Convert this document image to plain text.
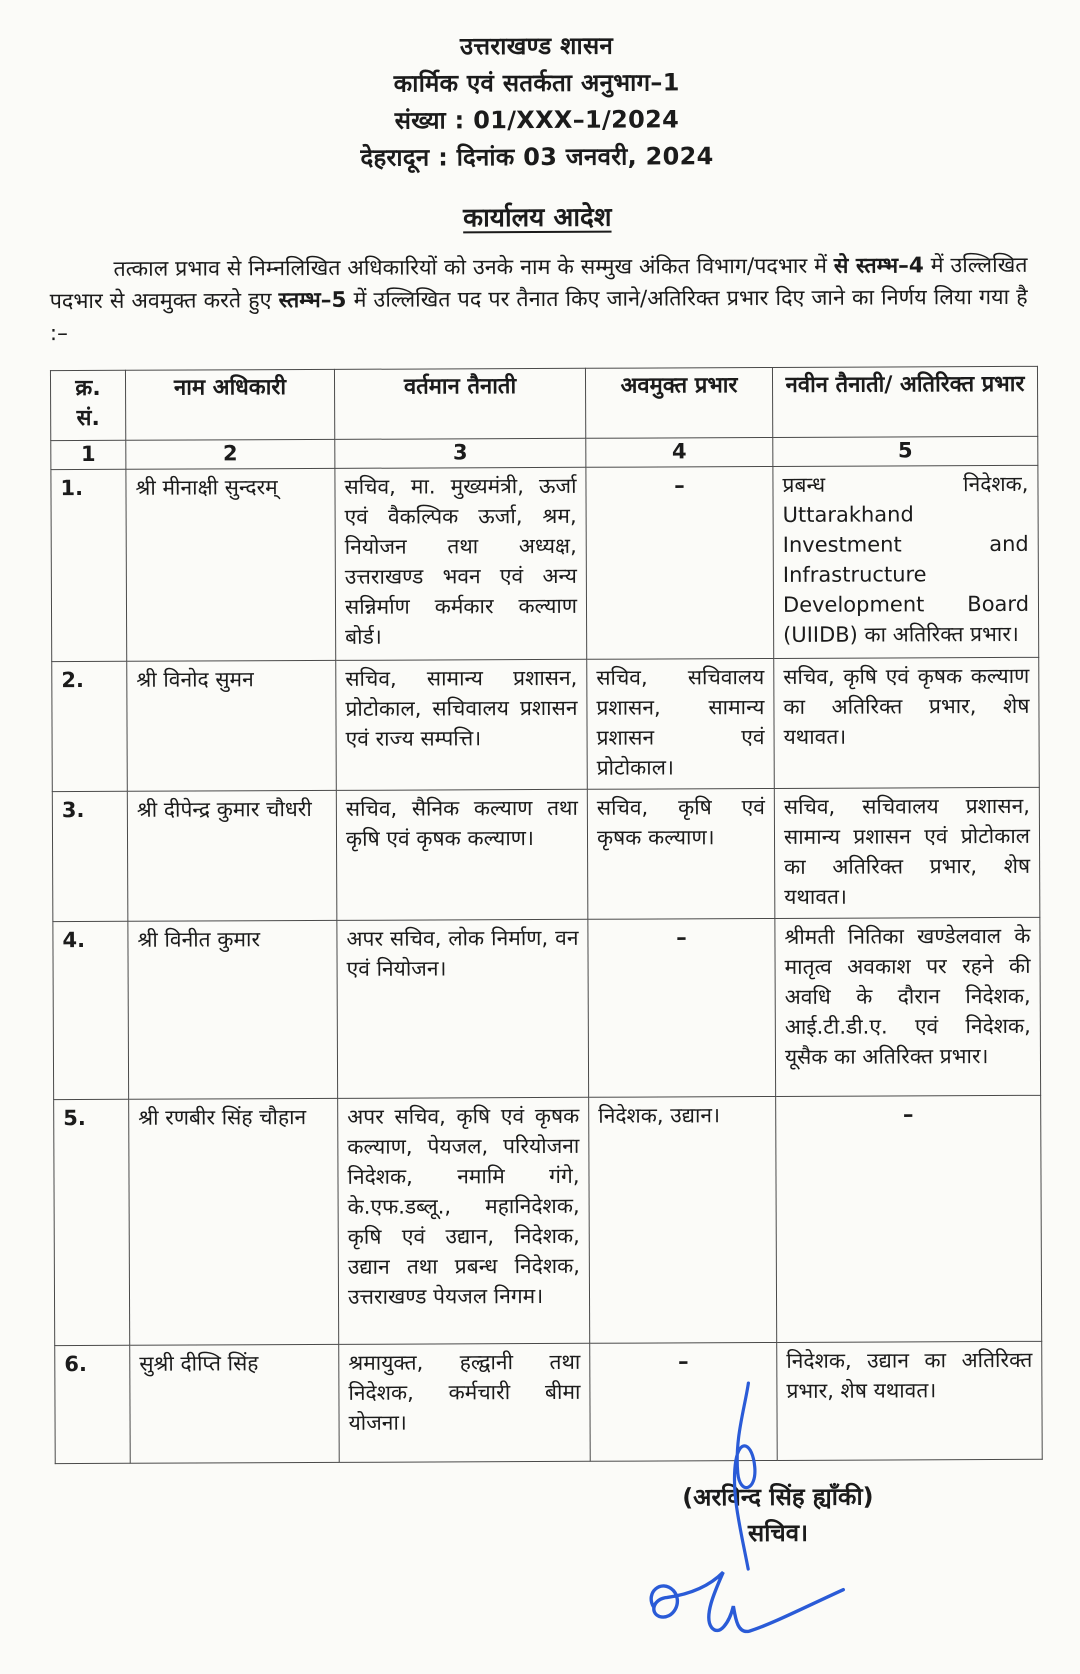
उत्तराखण्ड शासन
कार्मिक एवं सतर्कता अनुभाग–1
संख्या : 01/XXX–1/2024
देहरादून : दिनांक 03 जनवरी, 2024
कार्यालय आदेश

तत्काल प्रभाव से निम्नलिखित अधिकारियों को उनके नाम के सम्मुख अंकित विभाग/पदभार में से स्तम्भ–4 में उल्लिखित पदभार से अवमुक्त करते हुए स्तम्भ–5 में उल्लिखित पद पर तैनात किए जाने/अतिरिक्त प्रभार दिए जाने का निर्णय लिया गया है :–

क्र.
सं.	नाम अधिकारी	वर्तमान तैनाती	अवमुक्त प्रभार	नवीन तैनाती/ अतिरिक्त प्रभार
1	2	3	4	5
1.	श्री मीनाक्षी सुन्दरम्	सचिव, मा. मुख्यमंत्री, ऊर्जा एवं वैकल्पिक ऊर्जा, श्रम, नियोजन तथा अध्यक्ष, उत्तराखण्ड भवन एवं अन्य सन्निर्माण कर्मकार कल्याण बोर्ड।	–	प्रबन्ध निदेशक, Uttarakhand Investment and Infrastructure Development Board (UIIDB) का अतिरिक्त प्रभार।
2.	श्री विनोद सुमन	सचिव, सामान्य प्रशासन, प्रोटोकाल, सचिवालय प्रशासन एवं राज्य सम्पत्ति।	सचिव, सचिवालय प्रशासन, सामान्य प्रशासन एवं प्रोटोकाल।	सचिव, कृषि एवं कृषक कल्याण का अतिरिक्त प्रभार, शेष यथावत।
3.	श्री दीपेन्द्र कुमार चौधरी	सचिव, सैनिक कल्याण तथा कृषि एवं कृषक कल्याण।	सचिव, कृषि एवं कृषक कल्याण।	सचिव, सचिवालय प्रशासन, सामान्य प्रशासन एवं प्रोटोकाल का अतिरिक्त प्रभार, शेष यथावत।
4.	श्री विनीत कुमार	अपर सचिव, लोक निर्माण, वन एवं नियोजन।	–	श्रीमती नितिका खण्डेलवाल के मातृत्व अवकाश पर रहने की अवधि के दौरान निदेशक, आई.टी.डी.ए. एवं निदेशक, यूसैक का अतिरिक्त प्रभार।
5.	श्री रणबीर सिंह चौहान	अपर सचिव, कृषि एवं कृषक कल्याण, पेयजल, परियोजना निदेशक, नमामि गंगे, के.एफ.डब्लू., महानिदेशक, कृषि एवं उद्यान, निदेशक, उद्यान तथा प्रबन्ध निदेशक, उत्तराखण्ड पेयजल निगम।	निदेशक, उद्यान।	–
6.	सुश्री दीप्ति सिंह	श्रमायुक्त, हल्द्वानी तथा निदेशक, कर्मचारी बीमा योजना।	–	निदेशक, उद्यान का अतिरिक्त प्रभार, शेष यथावत।
(अरविन्द सिंह ह्याँकी)
सचिव।
